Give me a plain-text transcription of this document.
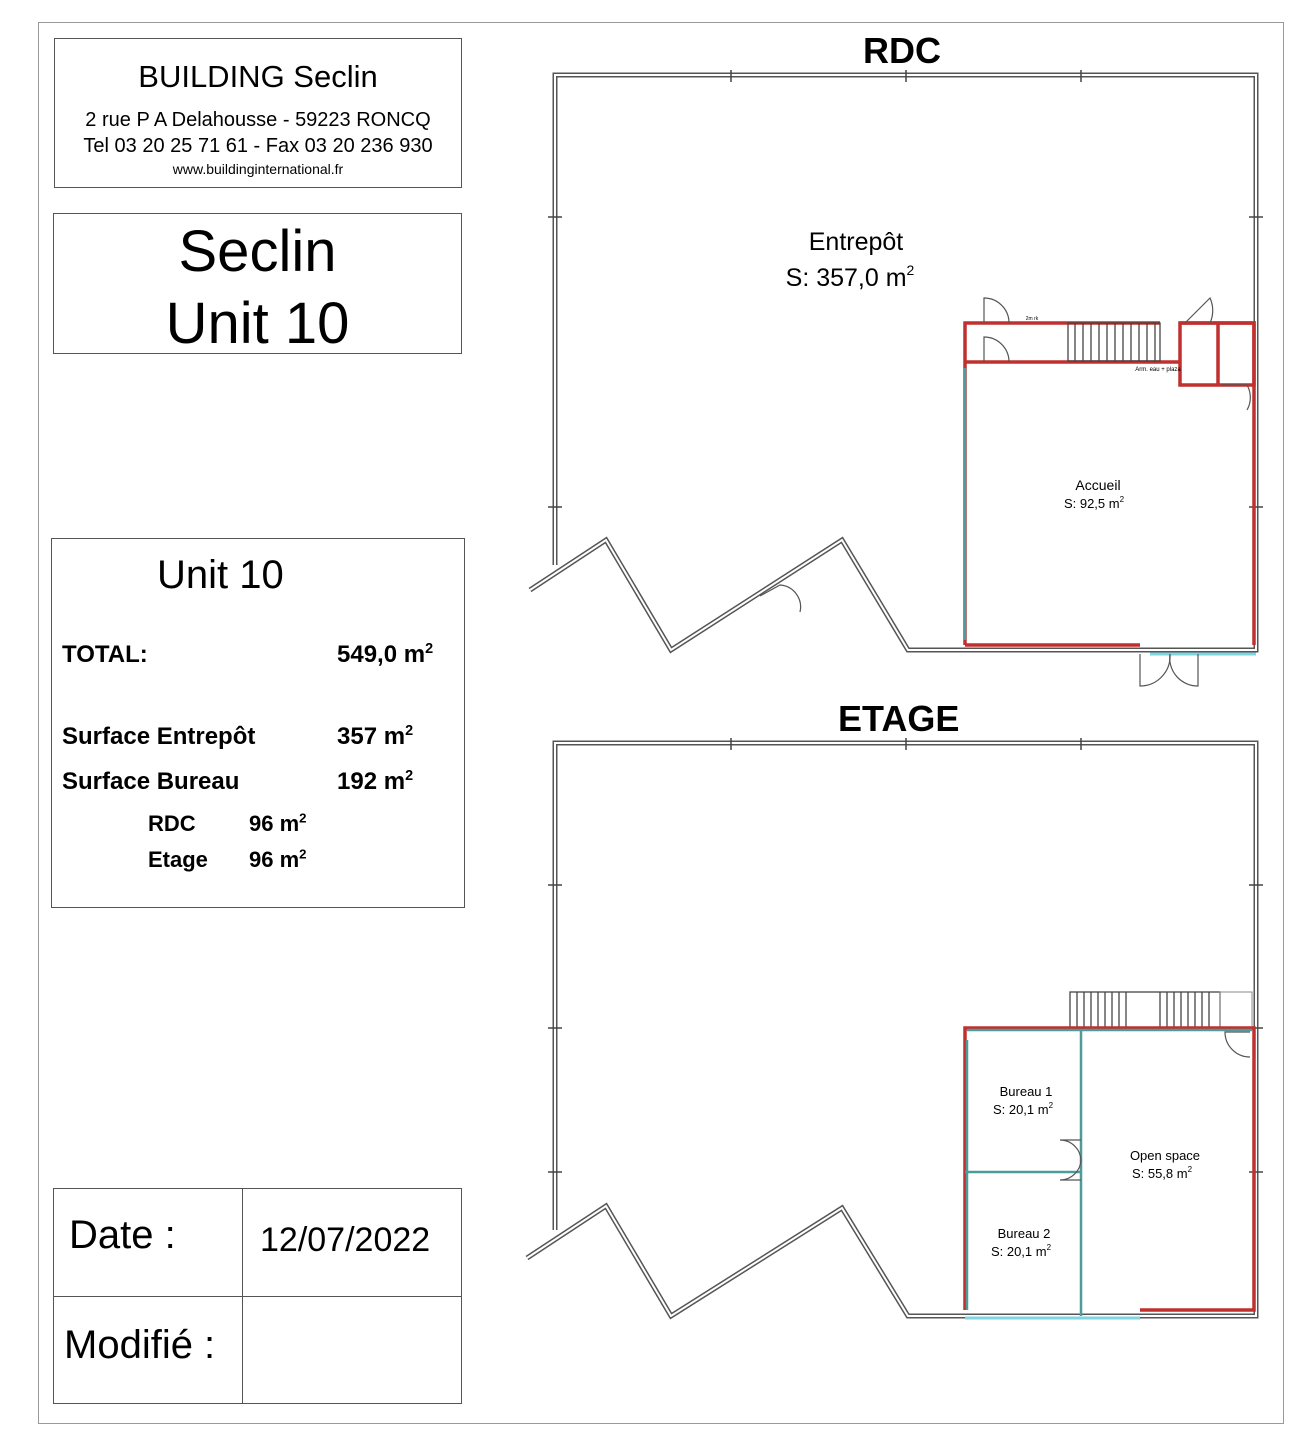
BUILDING Seclin
2 rue P A Delahousse - 59223 RONCQ
Tel 03 20 25 71 61 - Fax 03 20 236 930
www.buildinginternational.fr
Seclin
Unit 10
Unit 10
TOTAL:	549,0 $m^2$
Surface Entrepôt	357 $m^2$
Surface Bureau	192 $m^2$
RDC 96 $m^2$
Etage 96 $m^2$
Date : 12/07/2022
Modifié :
RDC
ETAGE
Entrepôt
S: 357,0 $m^2$
Accueil
S: 92,5 $m^2$
2m rk
Arm. eau + plaza
Bureau 1
S: 20,1 $m^2$
Bureau 2
S: 20,1 $m^2$
Open space
S: 55,8 $m^2$
